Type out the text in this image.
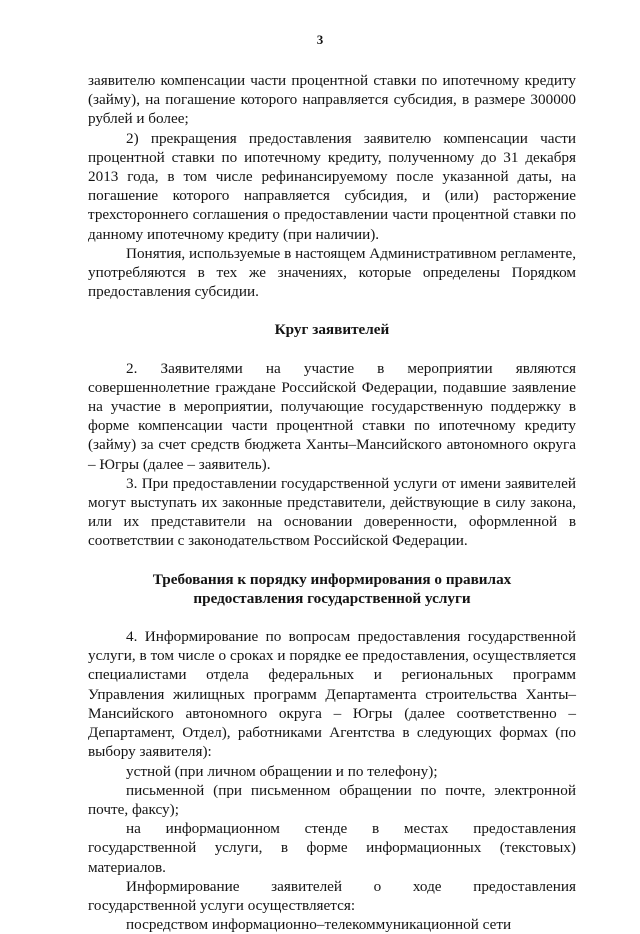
3

заявителю компенсации части процентной ставки по ипотечному кредиту (займу), на погашение которого направляется субсидия, в размере 300000 рублей и более;

2) прекращения предоставления заявителю компенсации части процентной ставки по ипотечному кредиту, полученному до 31 декабря 2013 года, в том числе рефинансируемому после указанной даты, на погашение которого направляется субсидия, и (или) расторжение трехстороннего соглашения о предоставлении части процентной ставки по данному ипотечному кредиту (при наличии).

Понятия, используемые в настоящем Административном регламенте, употребляются в тех же значениях, которые определены Порядком предоставления субсидии.

Круг заявителей

2. Заявителями на участие в мероприятии являются совершеннолетние граждане Российской Федерации, подавшие заявление на участие в мероприятии, получающие государственную поддержку в форме компенсации части процентной ставки по ипотечному кредиту (займу) за счет средств бюджета Ханты–Мансийского автономного округа – Югры (далее – заявитель).

3. При предоставлении государственной услуги от имени заявителей могут выступать их законные представители, действующие в силу закона, или их представители на основании доверенности, оформленной в соответствии с законодательством Российской Федерации.

Требования к порядку информирования о правилах

предоставления государственной услуги

4. Информирование по вопросам предоставления государственной услуги, в том числе о сроках и порядке ее предоставления, осуществляется специалистами отдела федеральных и региональных программ Управления жилищных программ Департамента строительства Ханты–Мансийского автономного округа – Югры (далее соответственно – Департамент, Отдел), работниками Агентства в следующих формах (по выбору заявителя):

устной (при личном обращении и по телефону);

письменной (при письменном обращении по почте, электронной почте, факсу);

на информационном стенде в местах предоставления государственной услуги, в форме информационных (текстовых) материалов.

Информирование заявителей о ходе предоставления государственной услуги осуществляется:

посредством информационно–телекоммуникационной сети
